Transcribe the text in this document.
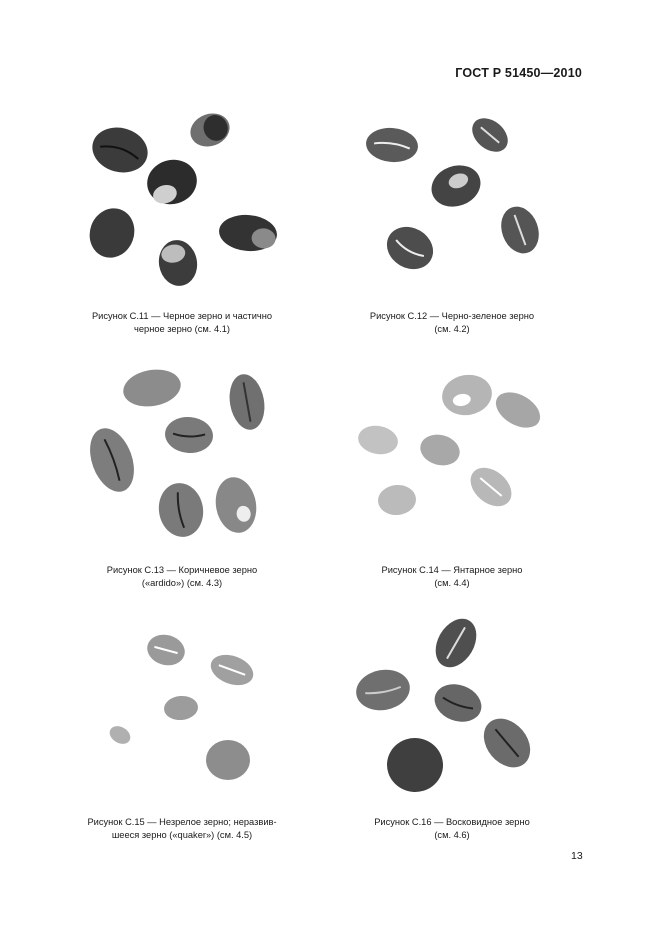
ГОСТ Р 51450—2010
Рисунок С.11 — Черное зерно и частично
черное зерно (см. 4.1)
Рисунок С.12 — Черно-зеленое зерно
(см. 4.2)
Рисунок С.13 — Коричневое зерно
(«ardido») (см. 4.3)
Рисунок С.14 — Янтарное зерно
(см. 4.4)
Рисунок С.15 — Незрелое зерно; неразвив-
шееся зерно («quaker») (см. 4.5)
Рисунок С.16 — Восковидное зерно
(см. 4.6)
13
